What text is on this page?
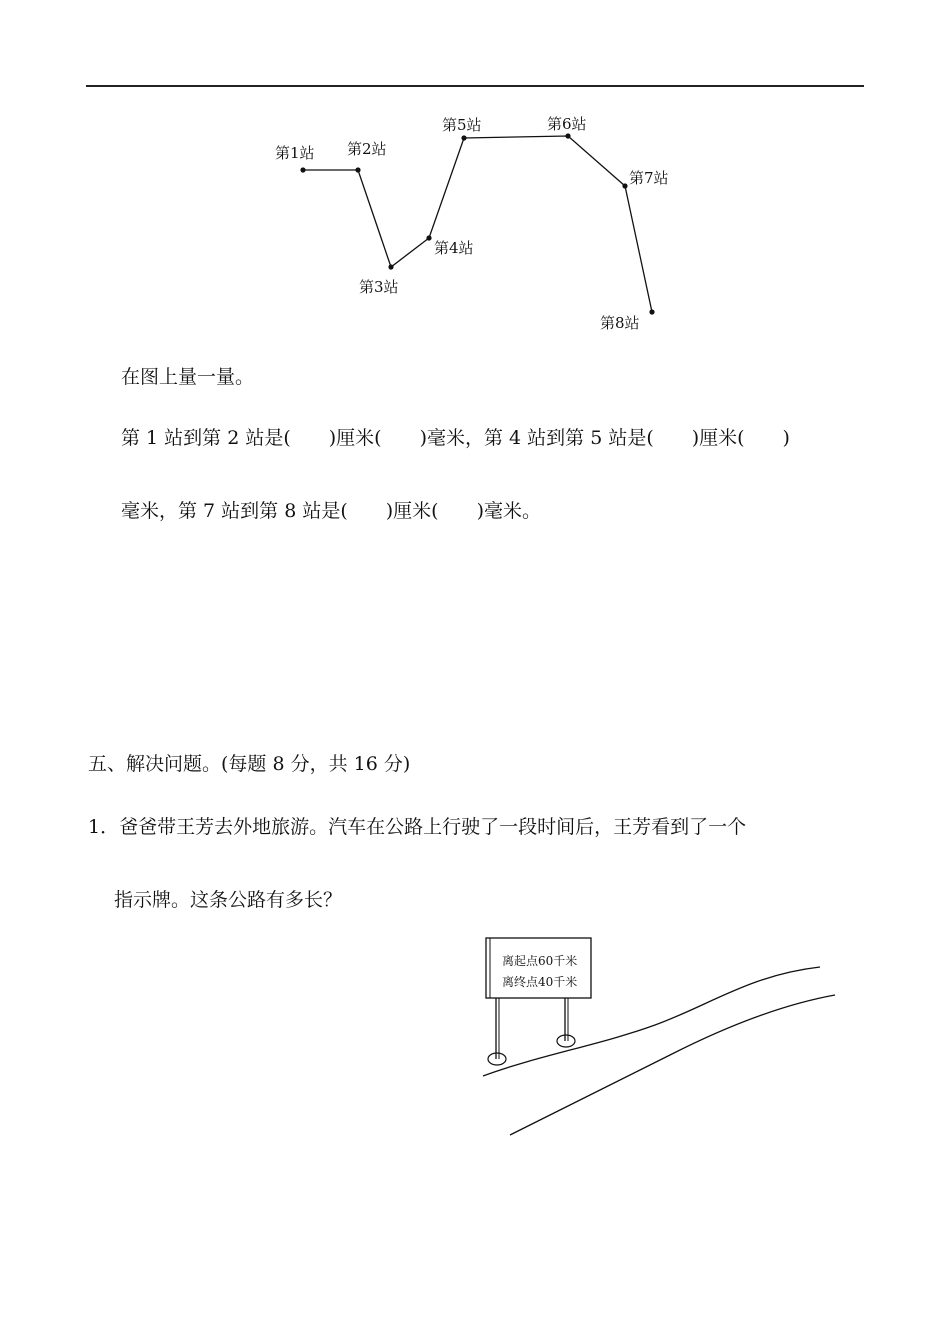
第1站 第2站
第3站
第4站
第5站	第6站
第7站
第8站
在图上量一量。
第 1 站到第 2 站是(　　)厘米(　　)毫米，第 4 站到第 5 站是(　　)厘米(　　)
毫米，第 7 站到第 8 站是(　　)厘米(　　)毫米。
五、解决问题。(每题 8 分，共 16 分)
1．爸爸带王芳去外地旅游。汽车在公路上行驶了一段时间后，王芳看到了一个
指示牌。这条公路有多长？
离起点60千米
离终点40千米
